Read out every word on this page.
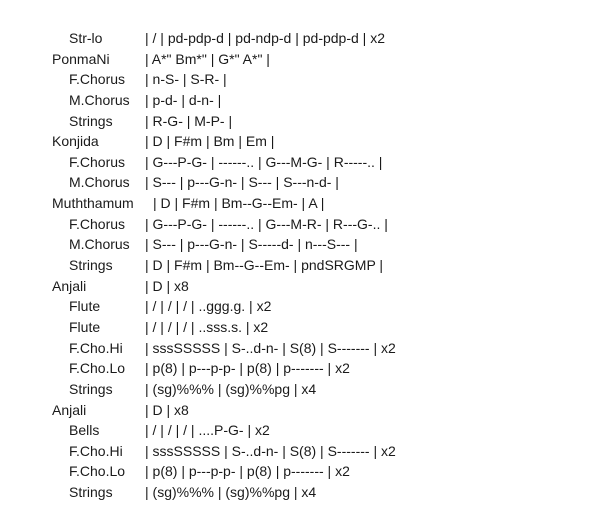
Str-lo	| / | pd-pdp-d | pd-ndp-d | pd-pdp-d | x2
PonmaNi	| A*" Bm*" | G*" A*" |
F.Chorus | n-S- | S-R- |
M.Chorus | p-d- | d-n- |
Strings | R-G- | M-P- |
Konjida	| D | F#m | Bm | Em |
F.Chorus | G---P-G- | ------.. | G---M-G- | R-----.. |
M.Chorus | S--- | p---G-n- | S--- | S---n-d- |
Muththamum | D | F#m | Bm--G--Em- | A |
F.Chorus | G---P-G- | ------.. | G---M-R- | R---G-.. |
M.Chorus | S--- | p---G-n- | S-----d- | n---S--- |
Strings | D | F#m | Bm--G--Em- | pndSRGMP |
Anjali	| D | x8
Flute	| / | / | / | ..ggg.g. | x2
Flute	| / | / | / | ..sss.s. | x2
F.Cho.Hi | sssSSSSS | S-..d-n- | S(8) | S------- | x2
F.Cho.Lo | p(8) | p---p-p- | p(8) | p------- | x2
Strings | (sg)%%% | (sg)%%pg | x4
Anjali	| D | x8
Bells	| / | / | / | ....P-G- | x2
F.Cho.Hi | sssSSSSS | S-..d-n- | S(8) | S------- | x2
F.Cho.Lo | p(8) | p---p-p- | p(8) | p------- | x2
Strings | (sg)%%% | (sg)%%pg | x4
